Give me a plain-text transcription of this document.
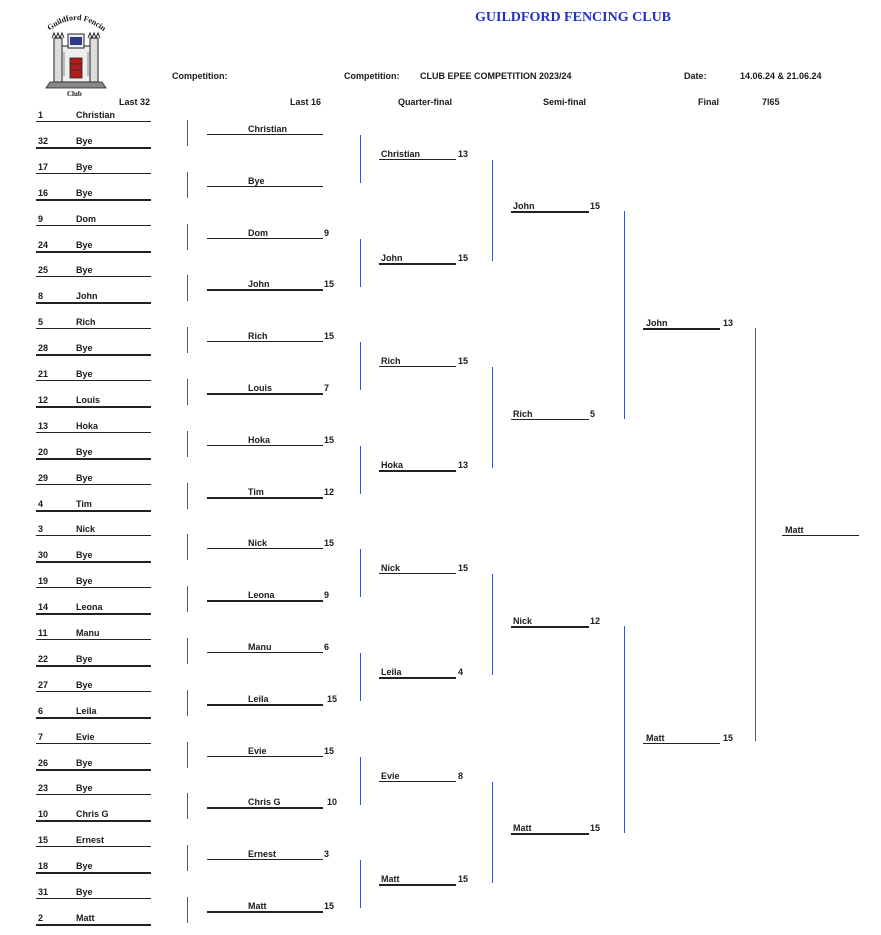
Guildford Fencin
Club
GUILDFORD FENCING CLUB
Competition:	Competition: CLUB EPEE COMPETITION 2023/24	Date:	14.06.24 & 21.06.24
Last 32	Last 16	Quarter-final	Semi-final	Final	7l65
1	Christian
32	Bye
17	Bye
16	Bye
9	Dom
24	Bye
25	Bye
8	John
5	Rich
28	Bye
21	Bye
12	Louis
13	Hoka
20	Bye
29	Bye
4	Tim
3	Nick
30	Bye
19	Bye
14	Leona
11	Manu
22	Bye
27	Bye
6	Leila
7	Evie
26	Bye
23	Bye
10	Chris G
15	Ernest
18	Bye
31	Bye
2	Matt
Christian
Bye
Dom	9
John	15
Rich	15
Louis	7
Hoka	15
Tim	12
Nick	15
Leona	9
Manu	6
Leila	15
Evie	15
Chris G	10
Ernest	3
Matt	15
Christian	13
John	15
Rich	15
Hoka	13
Nick	15
Leila	4
Evie	8
Matt	15
John	15
Rich	5
Nick	12
Matt	15
John	13
Matt	15
Matt
